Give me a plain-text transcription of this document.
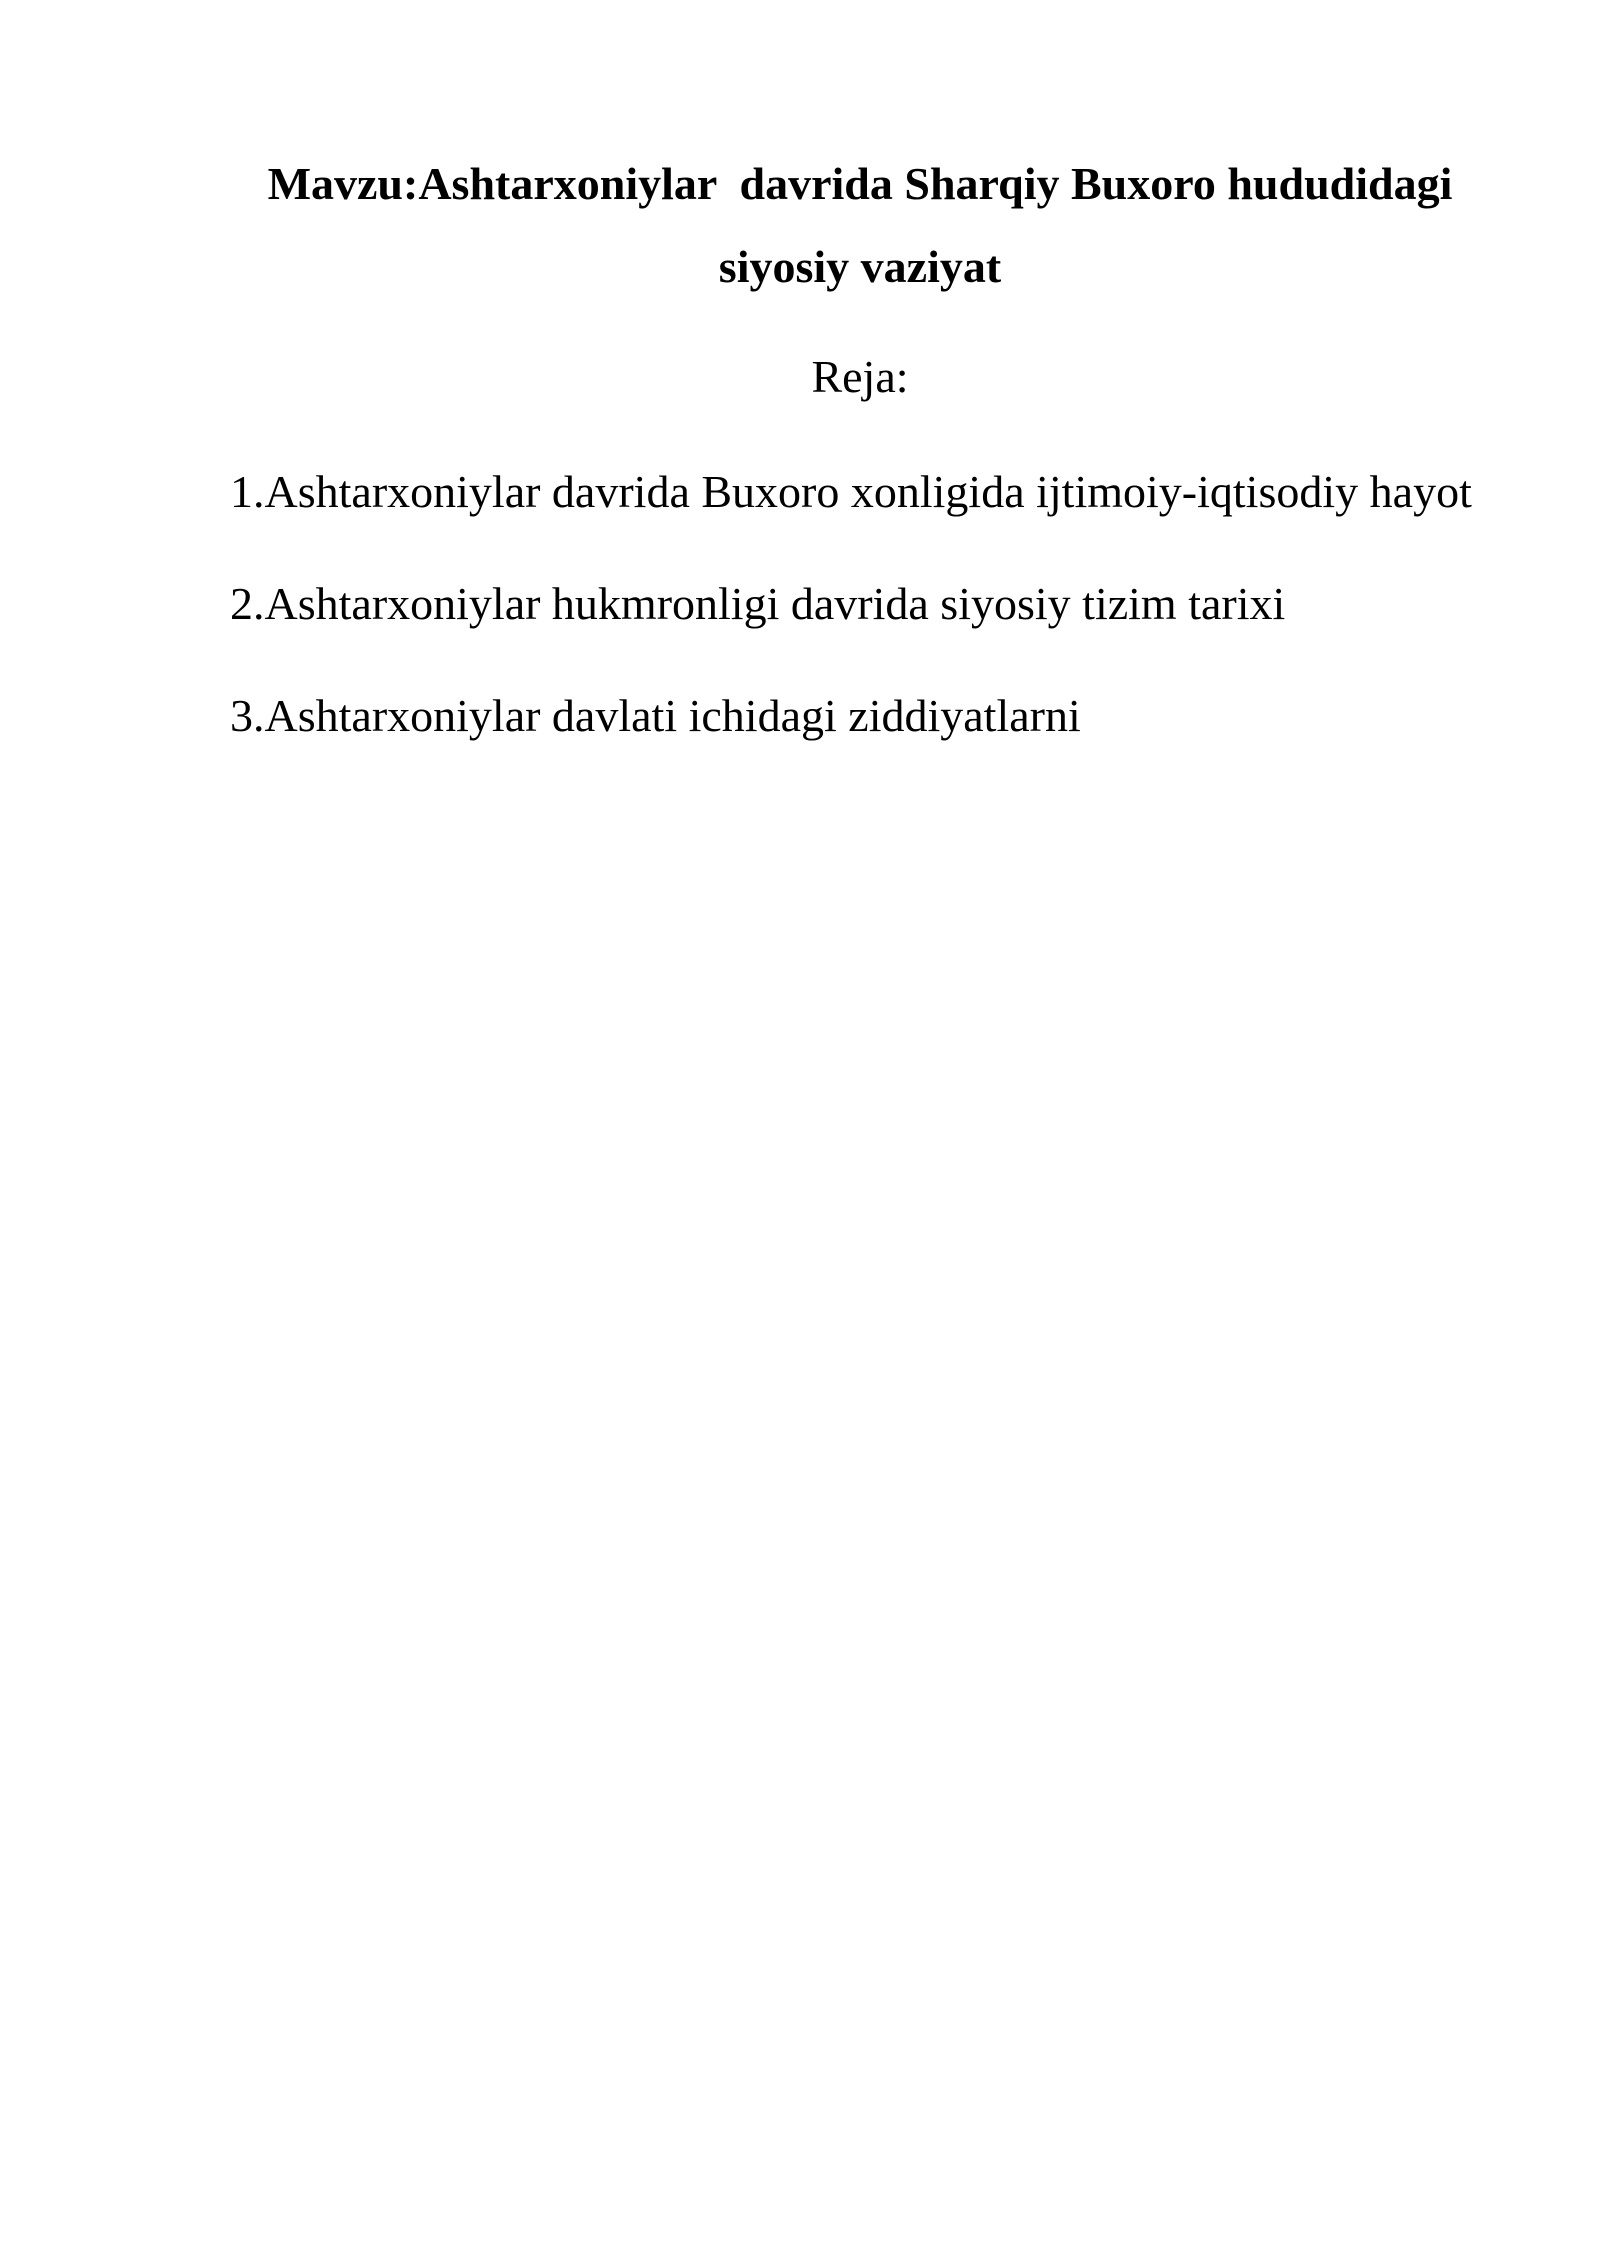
Mavzu:Ashtarxoniylar  davrida Sharqiy Buxoro hududidagi siyosiy vaziyat

Reja:

1.Ashtarxoniylar davrida Buxoro xonligida ijtimoiy-iqtisodiy hayot
2.Ashtarxoniylar hukmronligi davrida siyosiy tizim tarixi
3.Ashtarxoniylar davlati ichidagi ziddiyatlarni
